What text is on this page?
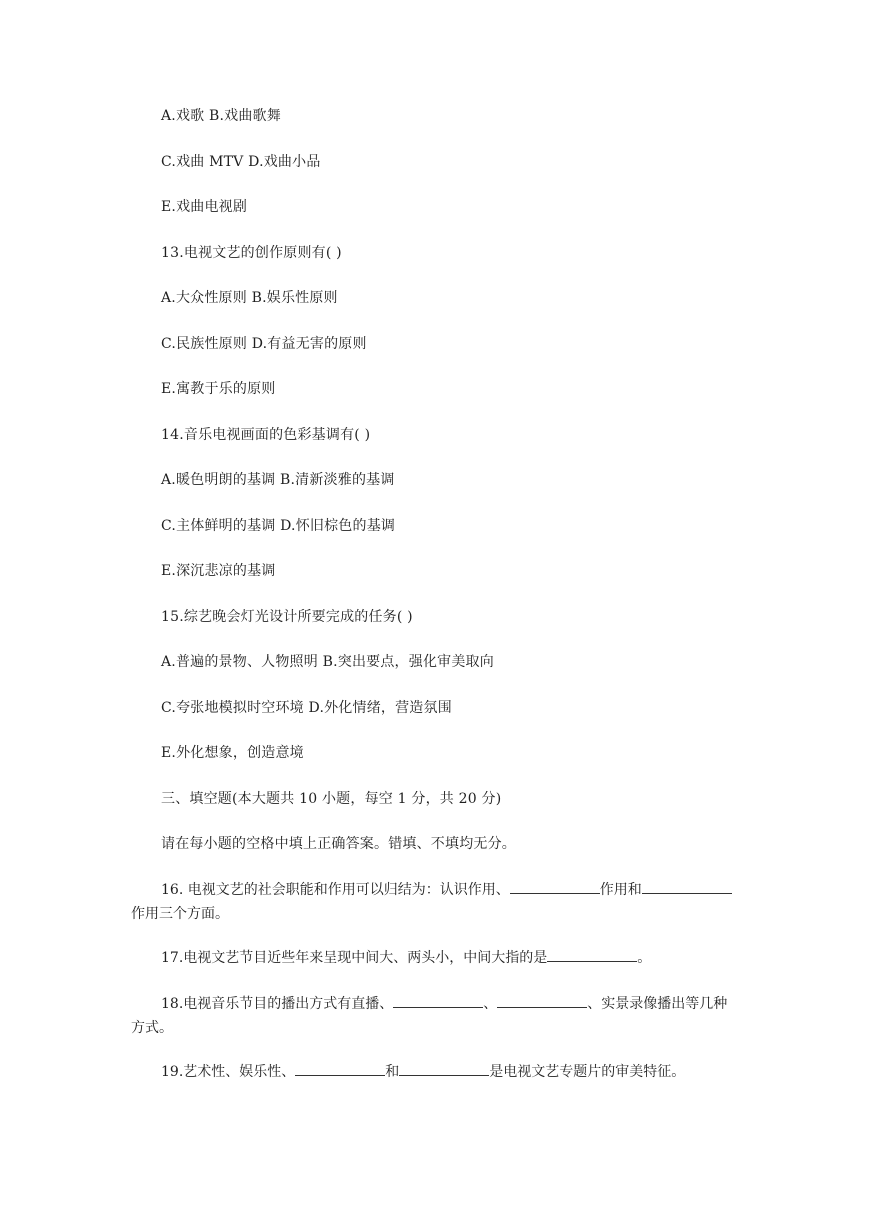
A.戏歌 B.戏曲歌舞
C.戏曲 MTV D.戏曲小品
E.戏曲电视剧
13.电视文艺的创作原则有( )
A.大众性原则 B.娱乐性原则
C.民族性原则 D.有益无害的原则
E.寓教于乐的原则
14.音乐电视画面的色彩基调有( )
A.暖色明朗的基调 B.清新淡雅的基调
C.主体鲜明的基调 D.怀旧棕色的基调
E.深沉悲凉的基调
15.综艺晚会灯光设计所要完成的任务( )
A.普遍的景物、人物照明 B.突出要点，强化审美取向
C.夸张地模拟时空环境 D.外化情绪，营造氛围
E.外化想象，创造意境
三、填空题(本大题共 10 小题，每空 1 分，共 20 分)
请在每小题的空格中填上正确答案。错填、不填均无分。
16. 电视文艺的社会职能和作用可以归结为：认识作用、	作用和作用三个方面。
17.电视文艺节目近些年来呈现中间大、两头小，中间大指的是	。
18.电视音乐节目的播出方式有直播、	、	、实景录像播出等几种方式。
19.艺术性、娱乐性、	和	是电视文艺专题片的审美特征。
